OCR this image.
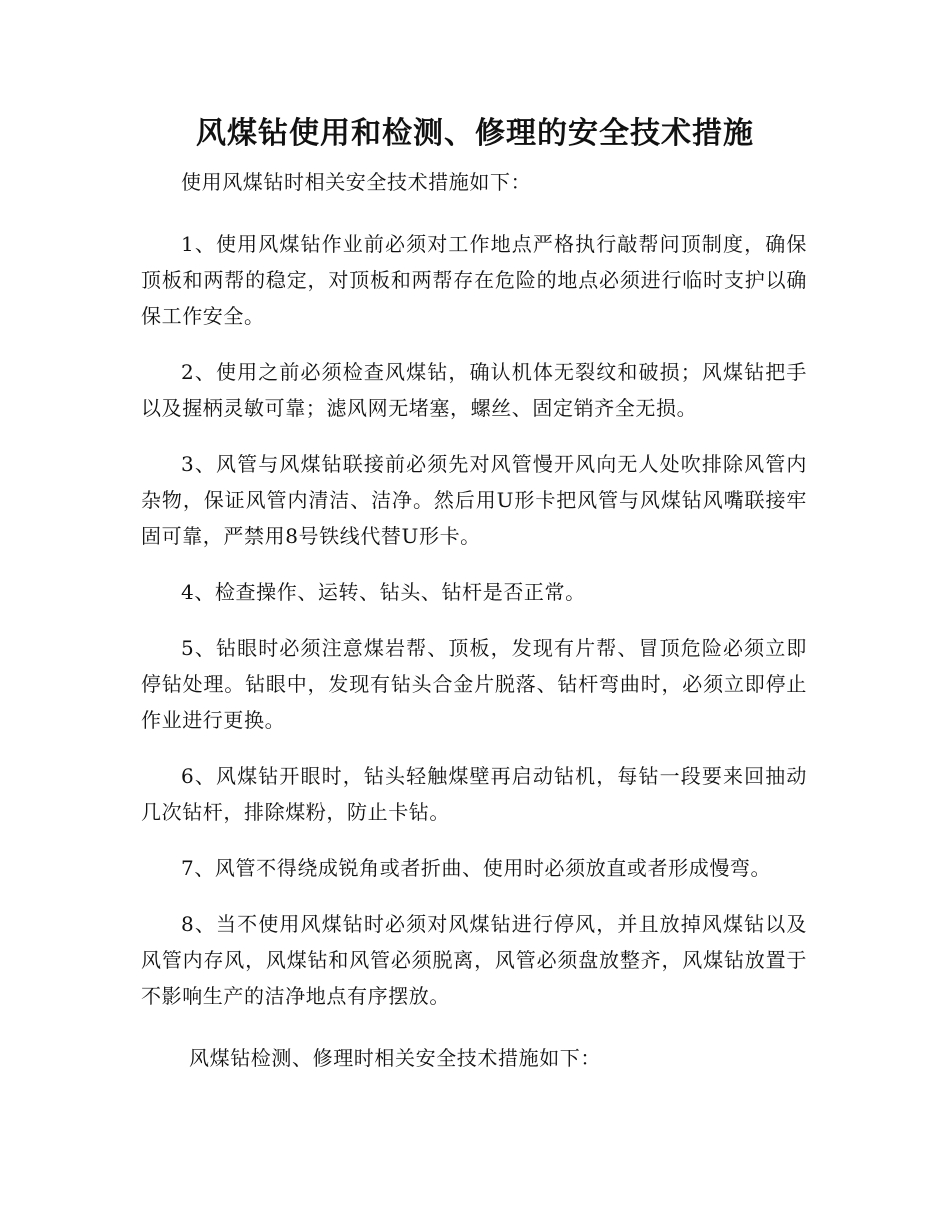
风煤钻使用和检测、修理的安全技术措施

使用风煤钻时相关安全技术措施如下：

1、使用风煤钻作业前必须对工作地点严格执行敲帮问顶制度，确保顶板和两帮的稳定，对顶板和两帮存在危险的地点必须进行临时支护以确保工作安全。

2、使用之前必须检查风煤钻，确认机体无裂纹和破损；风煤钻把手以及握柄灵敏可靠；滤风网无堵塞，螺丝、固定销齐全无损。

3、风管与风煤钻联接前必须先对风管慢开风向无人处吹排除风管内杂物，保证风管内清洁、洁净。然后用U形卡把风管与风煤钻风嘴联接牢固可靠，严禁用8号铁线代替U形卡。

4、检查操作、运转、钻头、钻杆是否正常。

5、钻眼时必须注意煤岩帮、顶板，发现有片帮、冒顶危险必须立即停钻处理。钻眼中，发现有钻头合金片脱落、钻杆弯曲时，必须立即停止作业进行更换。

6、风煤钻开眼时，钻头轻触煤壁再启动钻机，每钻一段要来回抽动几次钻杆，排除煤粉，防止卡钻。

7、风管不得绕成锐角或者折曲、使用时必须放直或者形成慢弯。

8、当不使用风煤钻时必须对风煤钻进行停风，并且放掉风煤钻以及风管内存风，风煤钻和风管必须脱离，风管必须盘放整齐，风煤钻放置于不影响生产的洁净地点有序摆放。

风煤钻检测、修理时相关安全技术措施如下：
